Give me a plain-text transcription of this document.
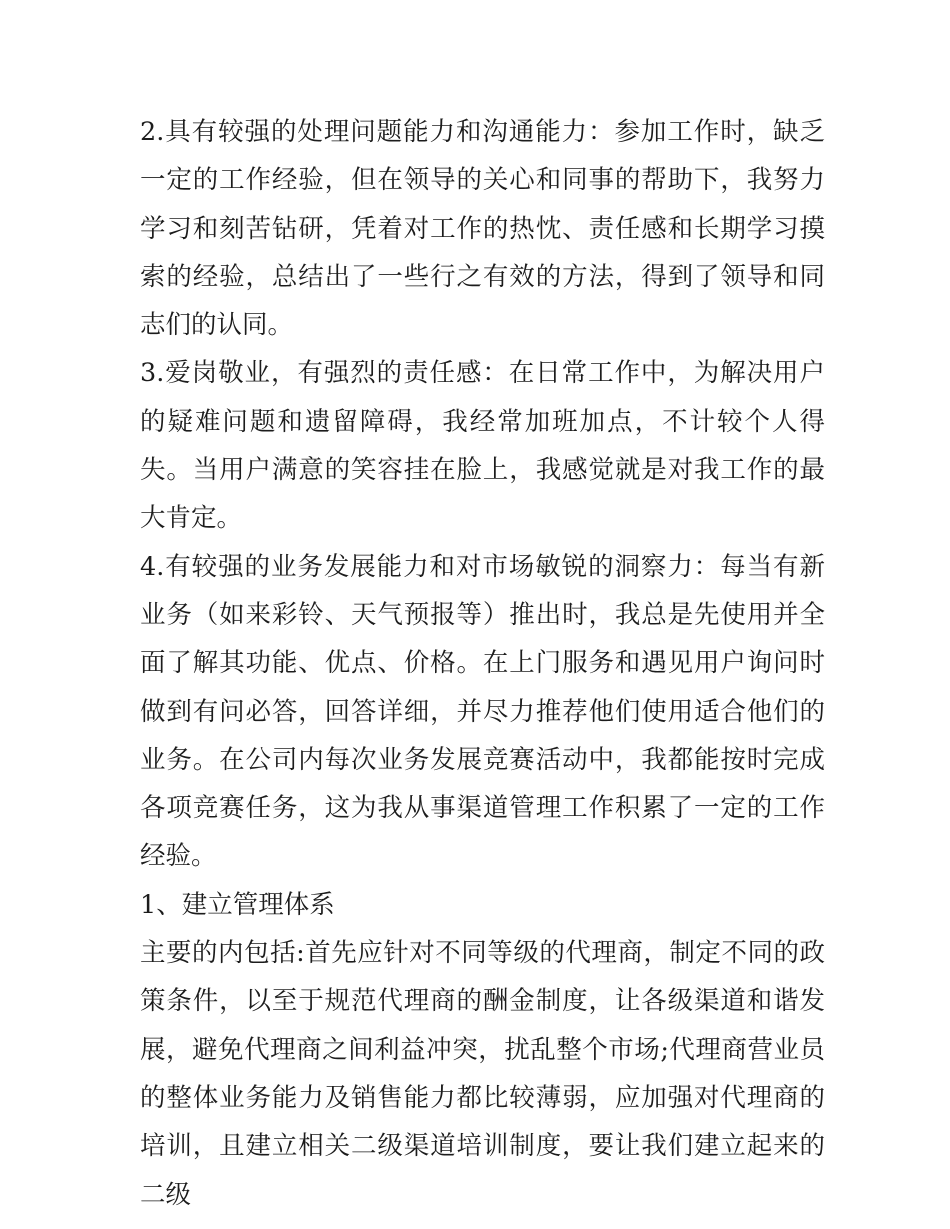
2.具有较强的处理问题能力和沟通能力：参加工作时，缺乏一定的工作经验，但在领导的关心和同事的帮助下，我努力学习和刻苦钻研，凭着对工作的热忱、责任感和长期学习摸索的经验，总结出了一些行之有效的方法，得到了领导和同志们的认同。

3.爱岗敬业，有强烈的责任感：在日常工作中，为解决用户的疑难问题和遗留障碍，我经常加班加点，不计较个人得失。当用户满意的笑容挂在脸上，我感觉就是对我工作的最大肯定。

4.有较强的业务发展能力和对市场敏锐的洞察力：每当有新业务（如来彩铃、天气预报等）推出时，我总是先使用并全面了解其功能、优点、价格。在上门服务和遇见用户询问时做到有问必答，回答详细，并尽力推荐他们使用适合他们的业务。在公司内每次业务发展竞赛活动中，我都能按时完成各项竞赛任务，这为我从事渠道管理工作积累了一定的工作经验。

1、建立管理体系

主要的内包括:首先应针对不同等级的代理商，制定不同的政策条件，以至于规范代理商的酬金制度，让各级渠道和谐发展，避免代理商之间利益冲突，扰乱整个市场;代理商营业员的整体业务能力及销售能力都比较薄弱，应加强对代理商的培训，且建立相关二级渠道培训制度，要让我们建立起来的二级
